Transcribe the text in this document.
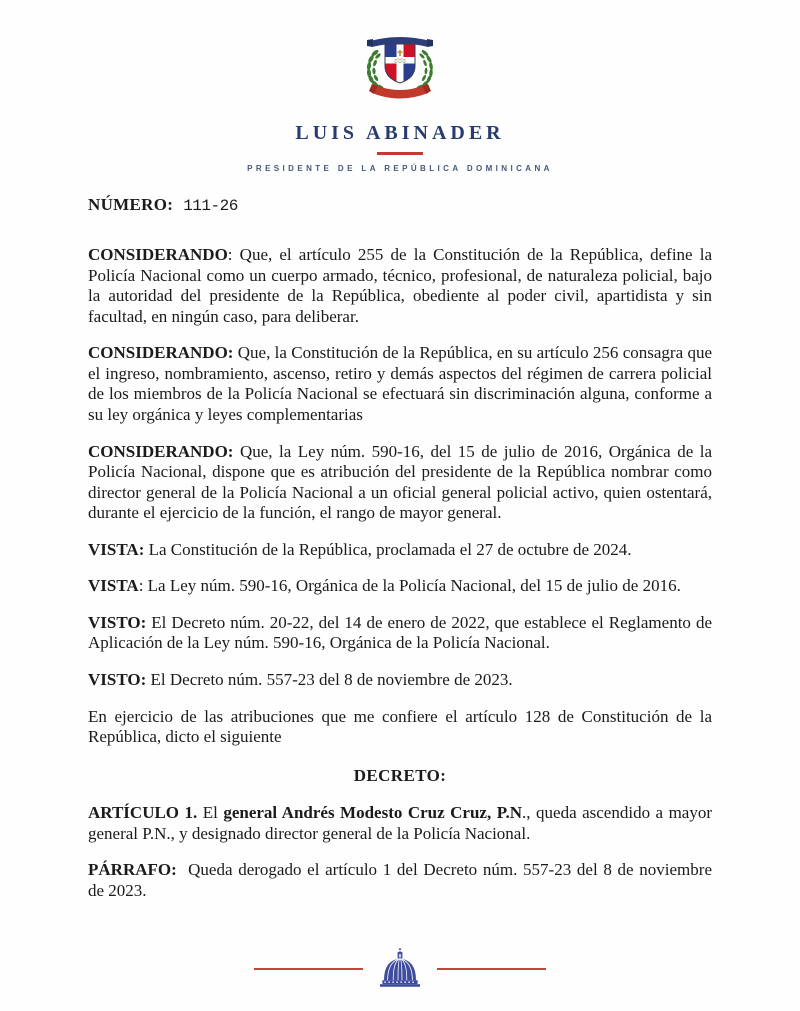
LUIS ABINADER
PRESIDENTE DE LA REPÚBLICA DOMINICANA
NÚMERO: 111-26

CONSIDERANDO: Que, el artículo 255 de la Constitución de la República, define la Policía Nacional como un cuerpo armado, técnico, profesional, de naturaleza policial, bajo la autoridad del presidente de la República, obediente al poder civil, apartidista y sin facultad, en ningún caso, para deliberar.

CONSIDERANDO: Que, la Constitución de la República, en su artículo 256 consagra que el ingreso, nombramiento, ascenso, retiro y demás aspectos del régimen de carrera policial de los miembros de la Policía Nacional se efectuará sin discriminación alguna, conforme a su ley orgánica y leyes complementarias

CONSIDERANDO: Que, la Ley núm. 590-16, del 15 de julio de 2016, Orgánica de la Policía Nacional, dispone que es atribución del presidente de la República nombrar como director general de la Policía Nacional a un oficial general policial activo, quien ostentará, durante el ejercicio de la función, el rango de mayor general.

VISTA: La Constitución de la República, proclamada el 27 de octubre de 2024.

VISTA: La Ley núm. 590-16, Orgánica de la Policía Nacional, del 15 de julio de 2016.

VISTO: El Decreto núm. 20-22, del 14 de enero de 2022, que establece el Reglamento de Aplicación de la Ley núm. 590-16, Orgánica de la Policía Nacional.

VISTO: El Decreto núm. 557-23 del 8 de noviembre de 2023.

En ejercicio de las atribuciones que me confiere el artículo 128 de Constitución de la República, dicto el siguiente

DECRETO:

ARTÍCULO 1. El general Andrés Modesto Cruz Cruz, P.N., queda ascendido a mayor general P.N., y designado director general de la Policía Nacional.

PÁRRAFO:  Queda derogado el artículo 1 del Decreto núm. 557-23 del 8 de noviembre de 2023.
